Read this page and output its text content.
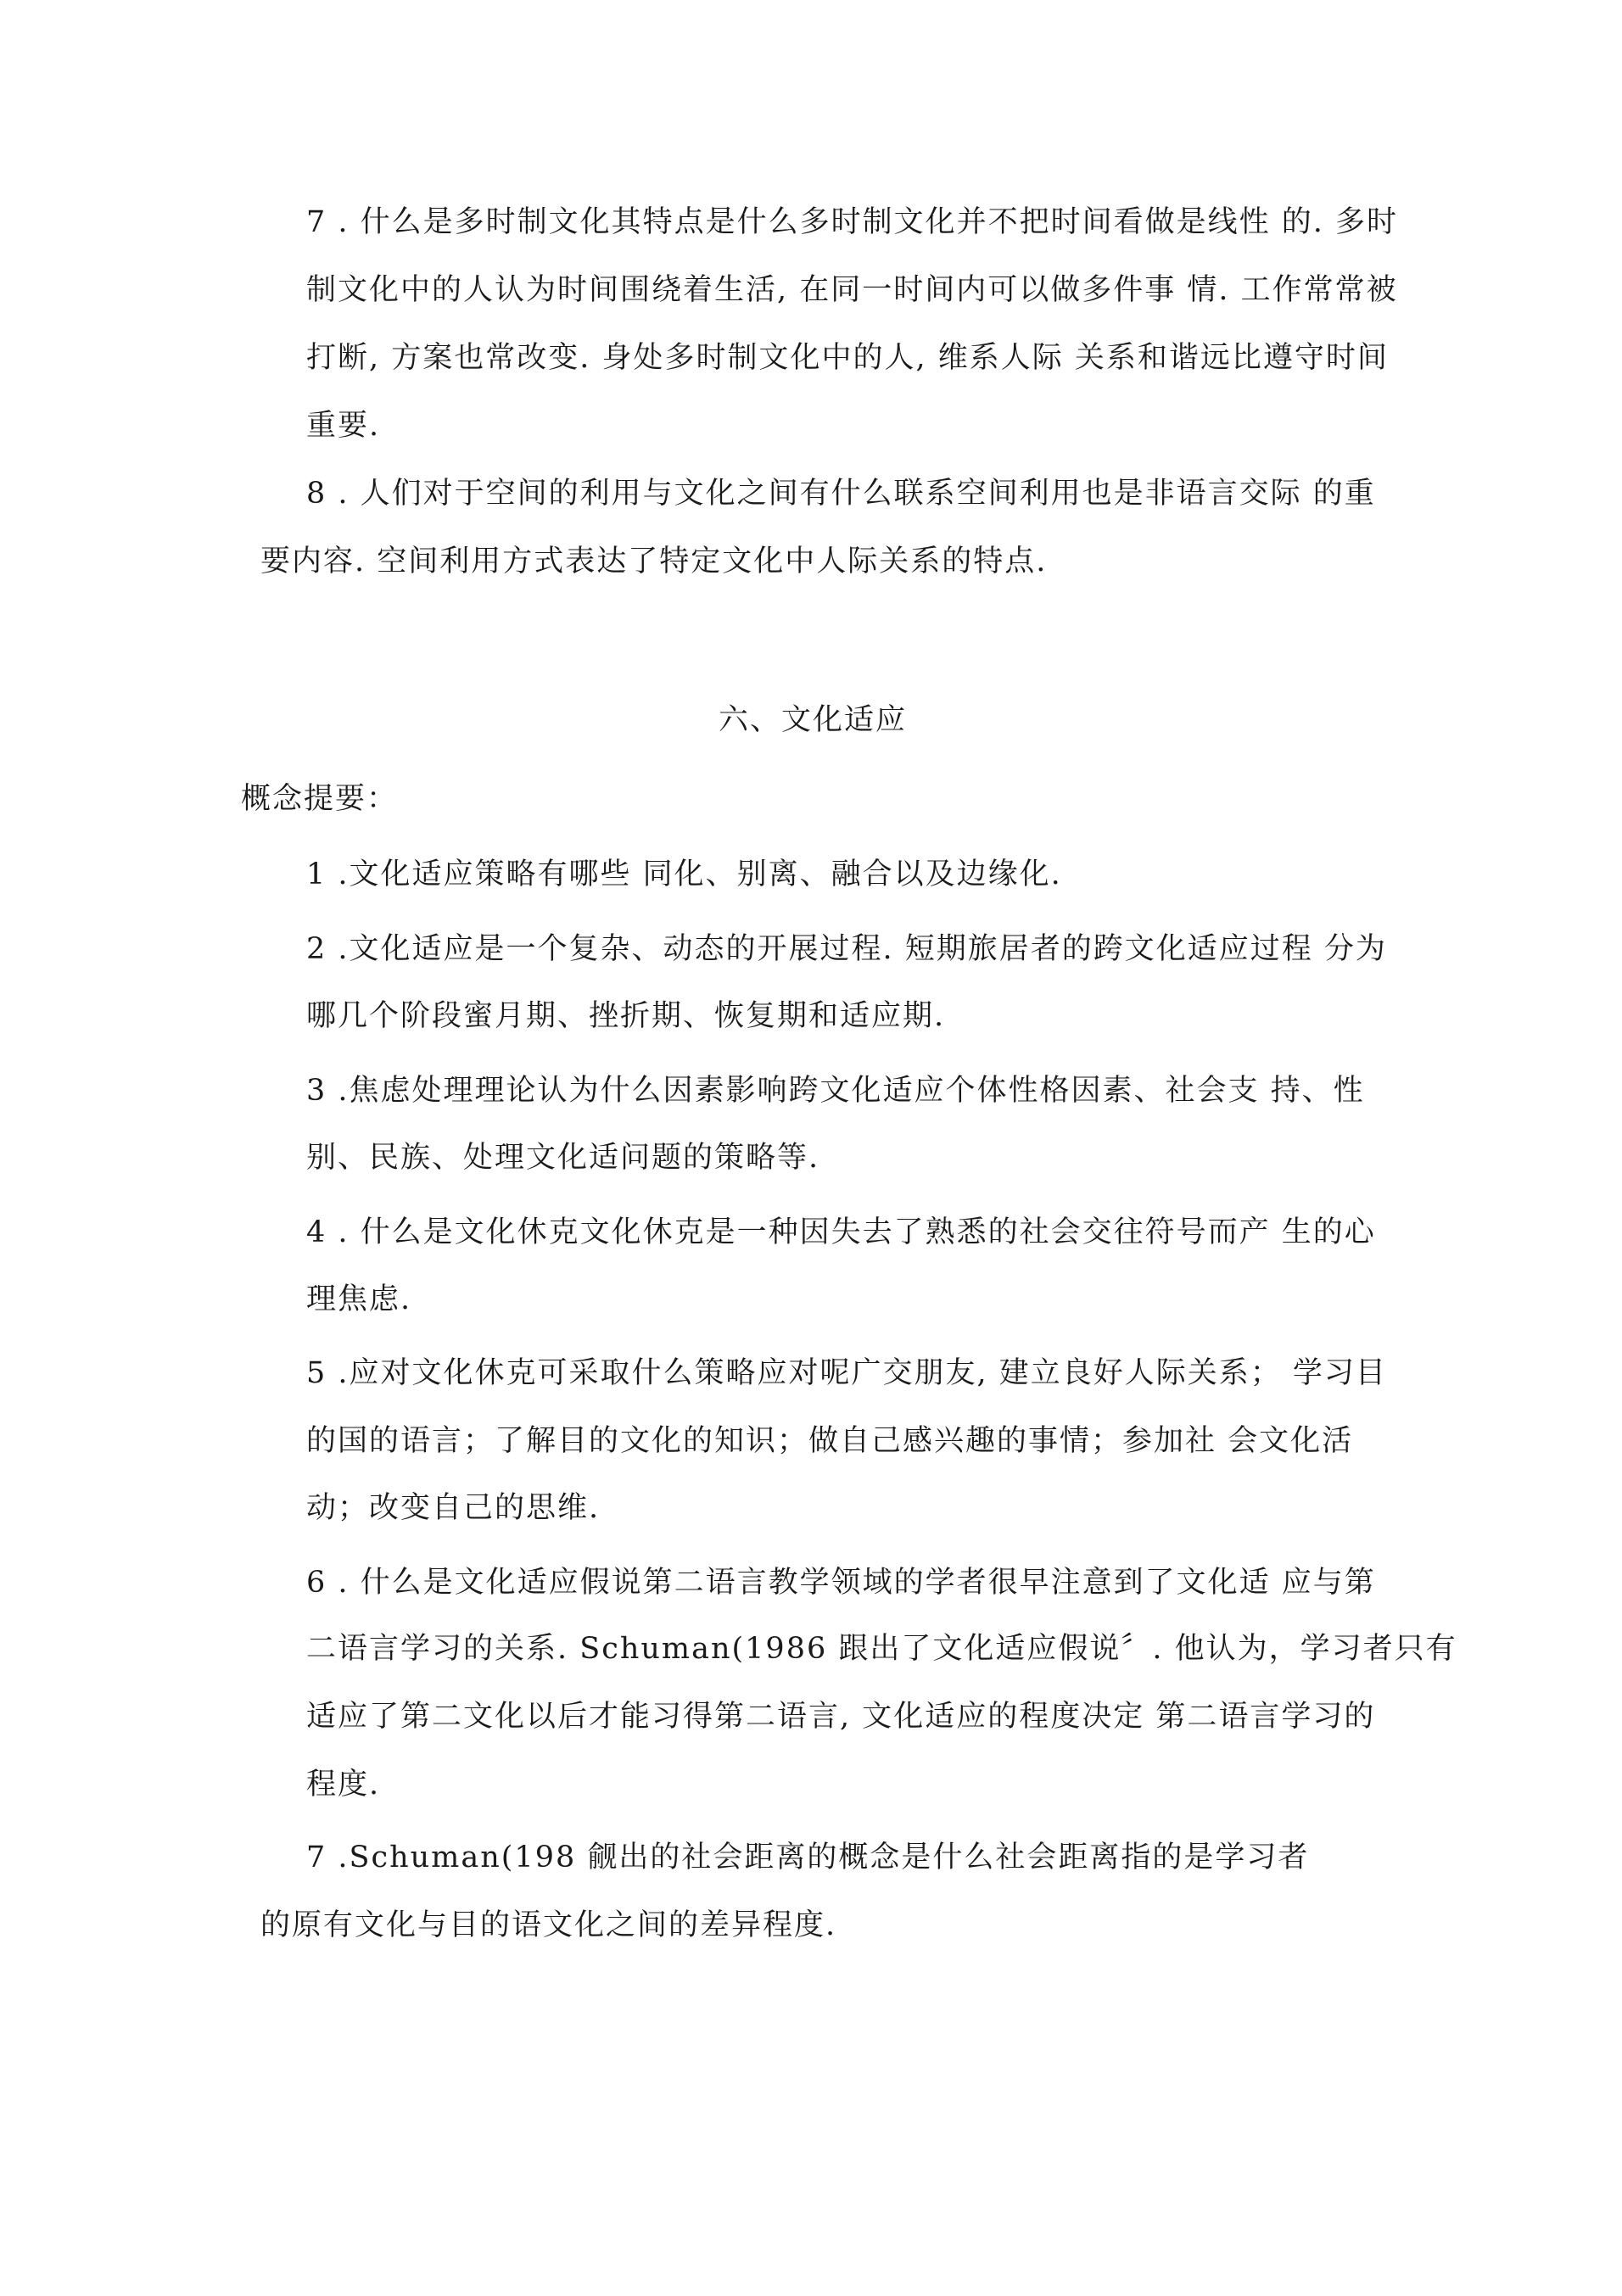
7 . 什么是多时制文化其特点是什么多时制文化并不把时间看做是线性 的. 多时
制文化中的人认为时间围绕着生活, 在同一时间内可以做多件事 情. 工作常常被
打断, 方案也常改变. 身处多时制文化中的人, 维系人际 关系和谐远比遵守时间
重要.
8 . 人们对于空间的利用与文化之间有什么联系空间利用也是非语言交际 的重
要内容. 空间利用方式表达了特定文化中人际关系的特点.
六、文化适应
概念提要：
1 .文化适应策略有哪些 同化、别离、融合以及边缘化.
2 .文化适应是一个复杂、动态的开展过程. 短期旅居者的跨文化适应过程 分为
哪几个阶段蜜月期、挫折期、恢复期和适应期.
3 .焦虑处理理论认为什么因素影响跨文化适应个体性格因素、社会支 持、性
别、民族、处理文化适问题的策略等.
4 . 什么是文化休克文化休克是一种因失去了熟悉的社会交往符号而产 生的心
理焦虑.
5 .应对文化休克可采取什么策略应对呢广交朋友, 建立良好人际关系； 学习目
的国的语言；了解目的文化的知识；做自己感兴趣的事情；参加社 会文化活
动；改变自己的思维.
6 . 什么是文化适应假说第二语言教学领域的学者很早注意到了文化适 应与第
二语言学习的关系. Schuman(1986 跟出了文化适应假说〞. 他认为，学习者只有
适应了第二文化以后才能习得第二语言, 文化适应的程度决定 第二语言学习的
程度.
7 .Schuman(198 觎出的社会距离的概念是什么社会距离指的是学习者
的原有文化与目的语文化之间的差异程度.
